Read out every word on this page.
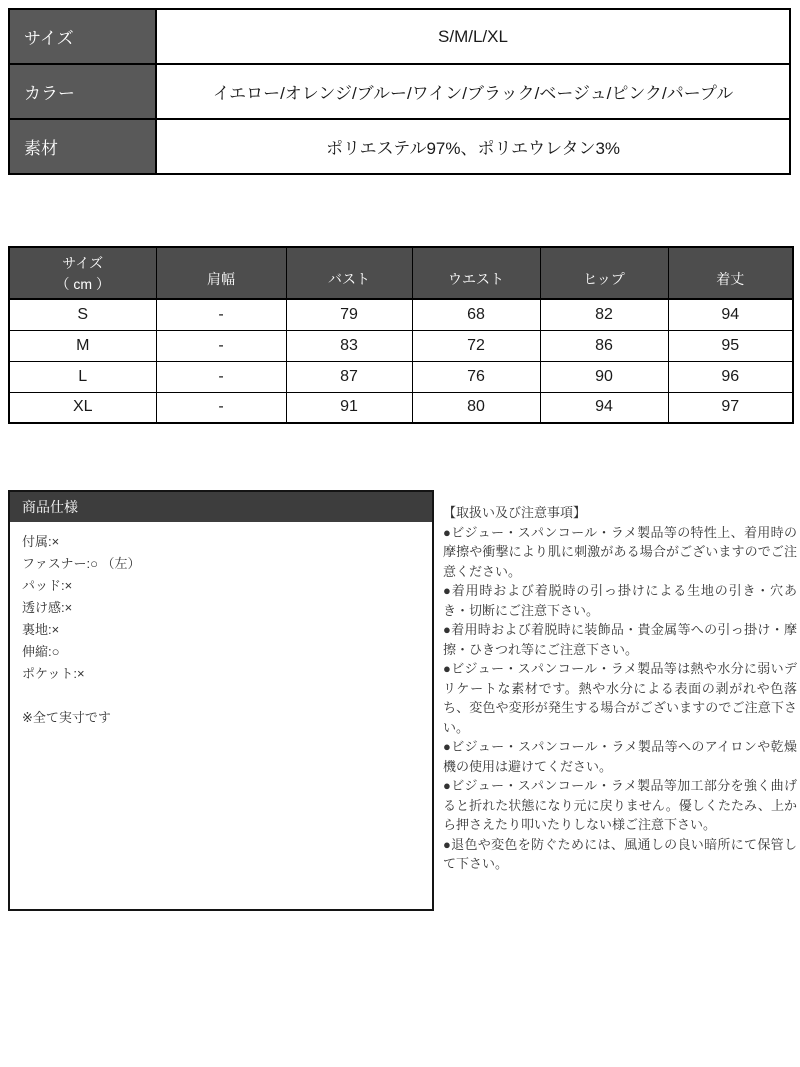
サイズ	S/M/L/XL
カラー	イエロー/オレンジ/ブルー/ワイン/ブラック/ベージュ/ピンク/パープル
素材	ポリエステル97%、ポリエウレタン3%
サイズ
（ cm ）	肩幅	バスト	ウエスト	ヒップ	着丈
S	-	79	68	82	94
M	-	83	72	86	95
L	-	87	76	90	96
XL	-	91	80	94	97
商品仕様
付属:×
ファスナー:○ （左）
パッド:×
透け感:×
裏地:×
伸縮:○
ポケット:×
※全て実寸です

【取扱い及び注意事項】

●ビジュー・スパンコール・ラメ製品等の特性上、着用時の摩擦や衝撃により肌に刺激がある場合がございますのでご注意ください。

●着用時および着脱時の引っ掛けによる生地の引き・穴あき・切断にご注意下さい。

●着用時および着脱時に装飾品・貴金属等への引っ掛け・摩擦・ひきつれ等にご注意下さい。

●ビジュー・スパンコール・ラメ製品等は熱や水分に弱いデリケートな素材です。熱や水分による表面の剥がれや色落ち、変色や変形が発生する場合がございますのでご注意下さい。

●ビジュー・スパンコール・ラメ製品等へのアイロンや乾燥機の使用は避けてください。

●ビジュー・スパンコール・ラメ製品等加工部分を強く曲げると折れた状態になり元に戻りません。優しくたたみ、上から押さえたり叩いたりしない様ご注意下さい。

●退色や変色を防ぐためには、風通しの良い暗所にて保管して下さい。
